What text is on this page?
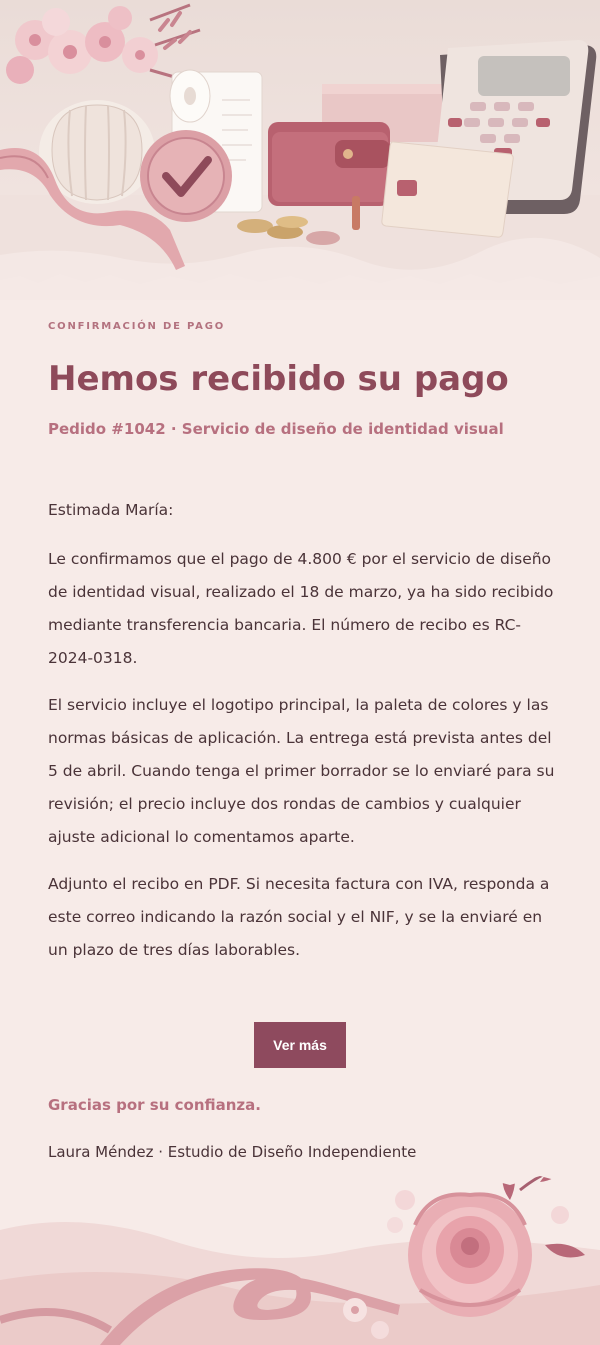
CONFIRMACIÓN DE PAGO
Hemos recibido su pago
Pedido #1042 · Servicio de diseño de identidad visual

Estimada María:

Le confirmamos que el pago de 4.800 € por el servicio de diseño de identidad visual, realizado el 18 de marzo, ya ha sido recibido mediante transferencia bancaria. El número de recibo es RC-2024-0318.

El servicio incluye el logotipo principal, la paleta de colores y las normas básicas de aplicación. La entrega está prevista antes del 5 de abril. Cuando tenga el primer borrador se lo enviaré para su revisión; el precio incluye dos rondas de cambios y cualquier ajuste adicional lo comentamos aparte.

Adjunto el recibo en PDF. Si necesita factura con IVA, responda a este correo indicando la razón social y el NIF, y se la enviaré en un plazo de tres días laborables.

Ver más
Gracias por su confianza.
Laura Méndez · Estudio de Diseño Independiente
